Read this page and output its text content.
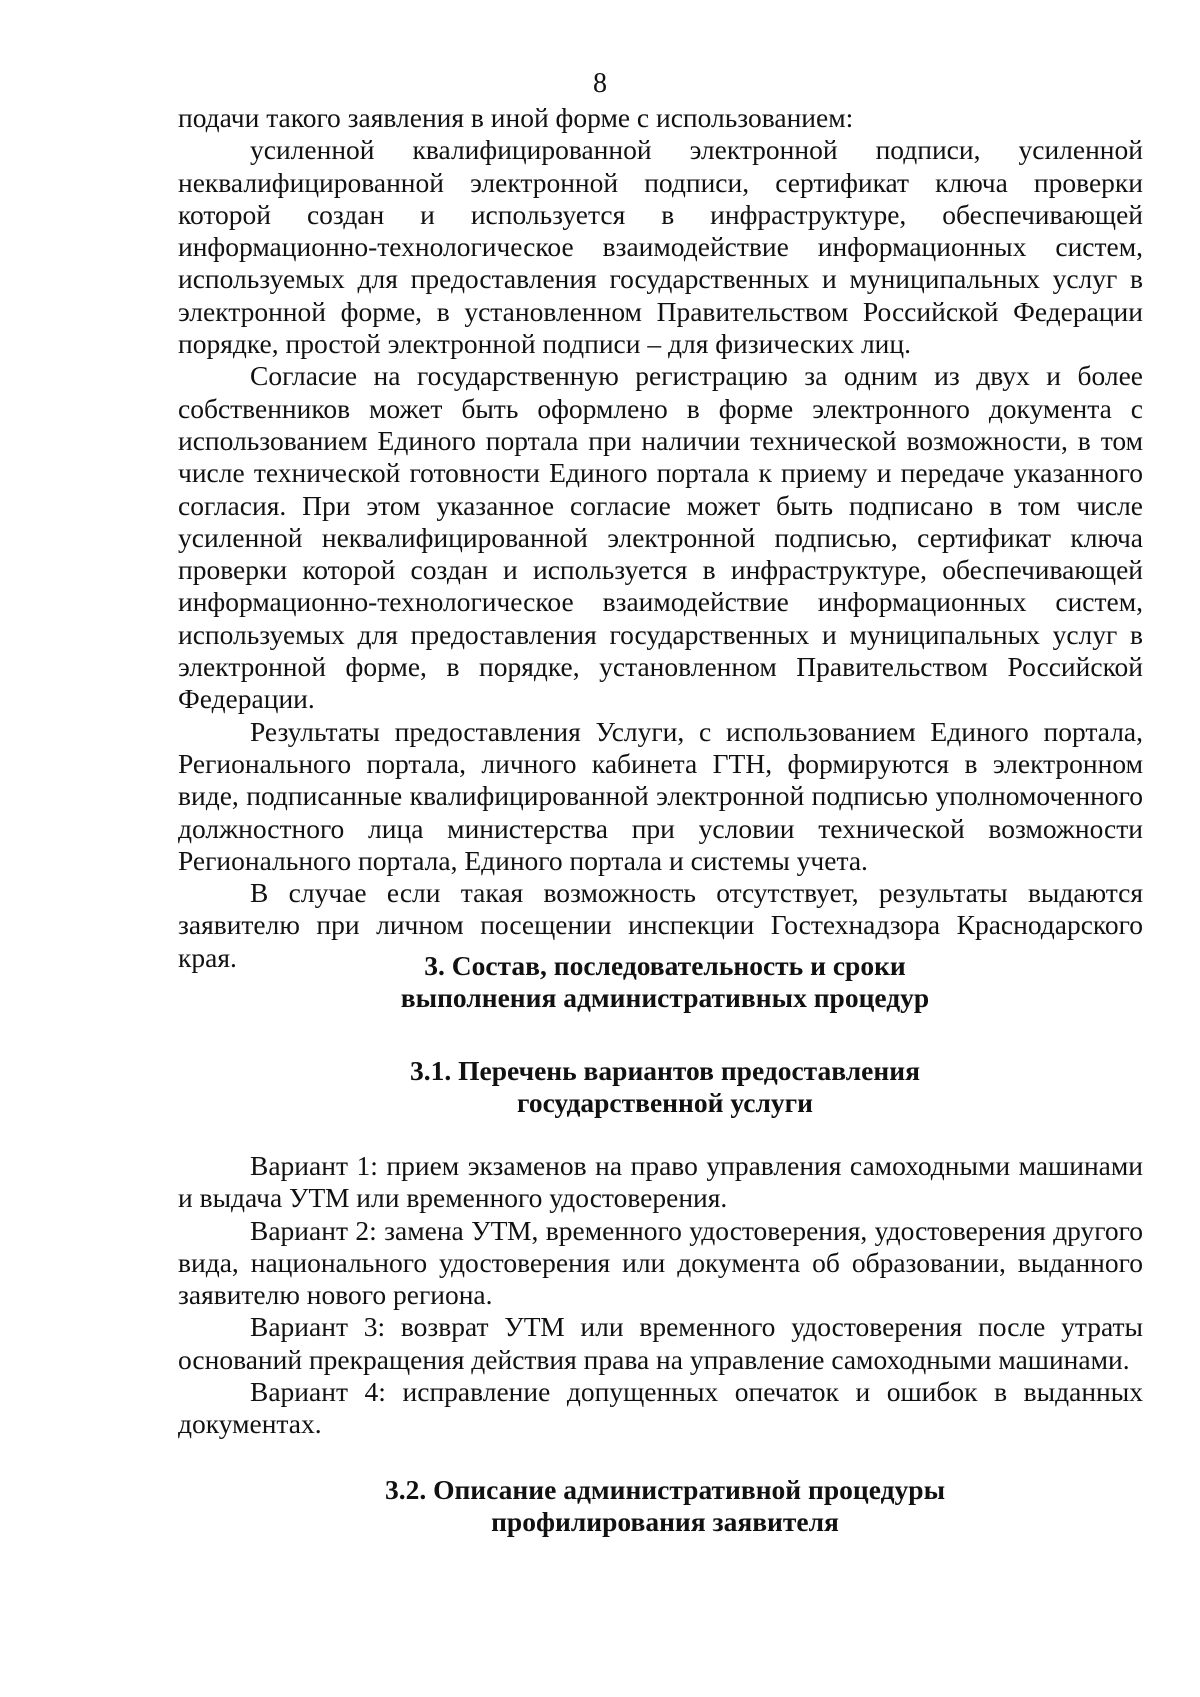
8

подачи такого заявления в иной форме с использованием:

усиленной квалифицированной электронной подписи, усиленной неквалифицированной электронной подписи, сертификат ключа проверки которой создан и используется в инфраструктуре, обеспечивающей информационно-технологическое взаимодействие информационных систем, используемых для предоставления государственных и муниципальных услуг в электронной форме, в установленном Правительством Российской Федерации порядке, простой электронной подписи – для физических лиц.

Согласие на государственную регистрацию за одним из двух и более собственников может быть оформлено в форме электронного документа с использованием Единого портала при наличии технической возможности, в том числе технической готовности Единого портала к приему и передаче указанного согласия. При этом указанное согласие может быть подписано в том числе усиленной неквалифицированной электронной подписью, сертификат ключа проверки которой создан и используется в инфраструктуре, обеспечивающей информационно-технологическое взаимодействие информационных систем, используемых для предоставления государственных и муниципальных услуг в электронной форме, в порядке, установленном Правительством Российской Федерации.

Результаты предоставления Услуги, с использованием Единого портала, Регионального портала, личного кабинета ГТН, формируются в электронном виде, подписанные квалифицированной электронной подписью уполномоченного должностного лица министерства при условии технической возможности Регионального портала, Единого портала и системы учета.

В случае если такая возможность отсутствует, результаты выдаются заявителю при личном посещении инспекции Гостехнадзора Краснодарского края.	3. Состав, последовательность и сроки
выполнения административных процедур
3.1. Перечень вариантов предоставления
государственной услуги

Вариант 1: прием экзаменов на право управления самоходными машинами и выдача УТМ или временного удостоверения.

Вариант 2: замена УТМ, временного удостоверения, удостоверения другого вида, национального удостоверения или документа об образовании, выданного заявителю нового региона.

Вариант 3: возврат УТМ или временного удостоверения после утраты оснований прекращения действия права на управление самоходными машинами.

Вариант 4: исправление допущенных опечаток и ошибок в выданных документах.

3.2. Описание административной процедуры
профилирования заявителя
